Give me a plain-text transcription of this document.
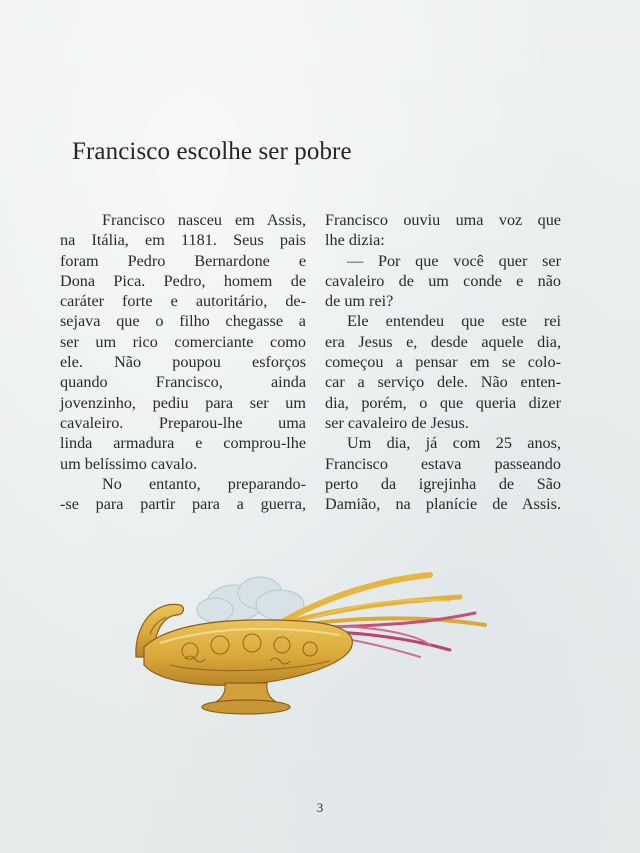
Francisco escolhe ser pobre
Francisco nasceu em Assis,
na Itália, em 1181. Seus pais
foram Pedro Bernardone e
Dona Pica. Pedro, homem de
caráter forte e autoritário, de-
sejava que o filho chegasse a
ser um rico comerciante como
ele. Não poupou esforços
quando Francisco, ainda
jovenzinho, pediu para ser um
cavaleiro. Preparou-lhe uma
linda armadura e comprou-lhe
um belíssimo cavalo.
No entanto, preparando-
-se para partir para a guerra,
Francisco ouviu uma voz que
lhe dizia:
— Por que você quer ser
cavaleiro de um conde e não
de um rei?
Ele entendeu que este rei
era Jesus e, desde aquele dia,
começou a pensar em se colo-
car a serviço dele. Não enten-
dia, porém, o que queria dizer
ser cavaleiro de Jesus.
Um dia, já com 25 anos,
Francisco estava passeando
perto da igrejinha de São
Damião, na planície de Assis.
3
